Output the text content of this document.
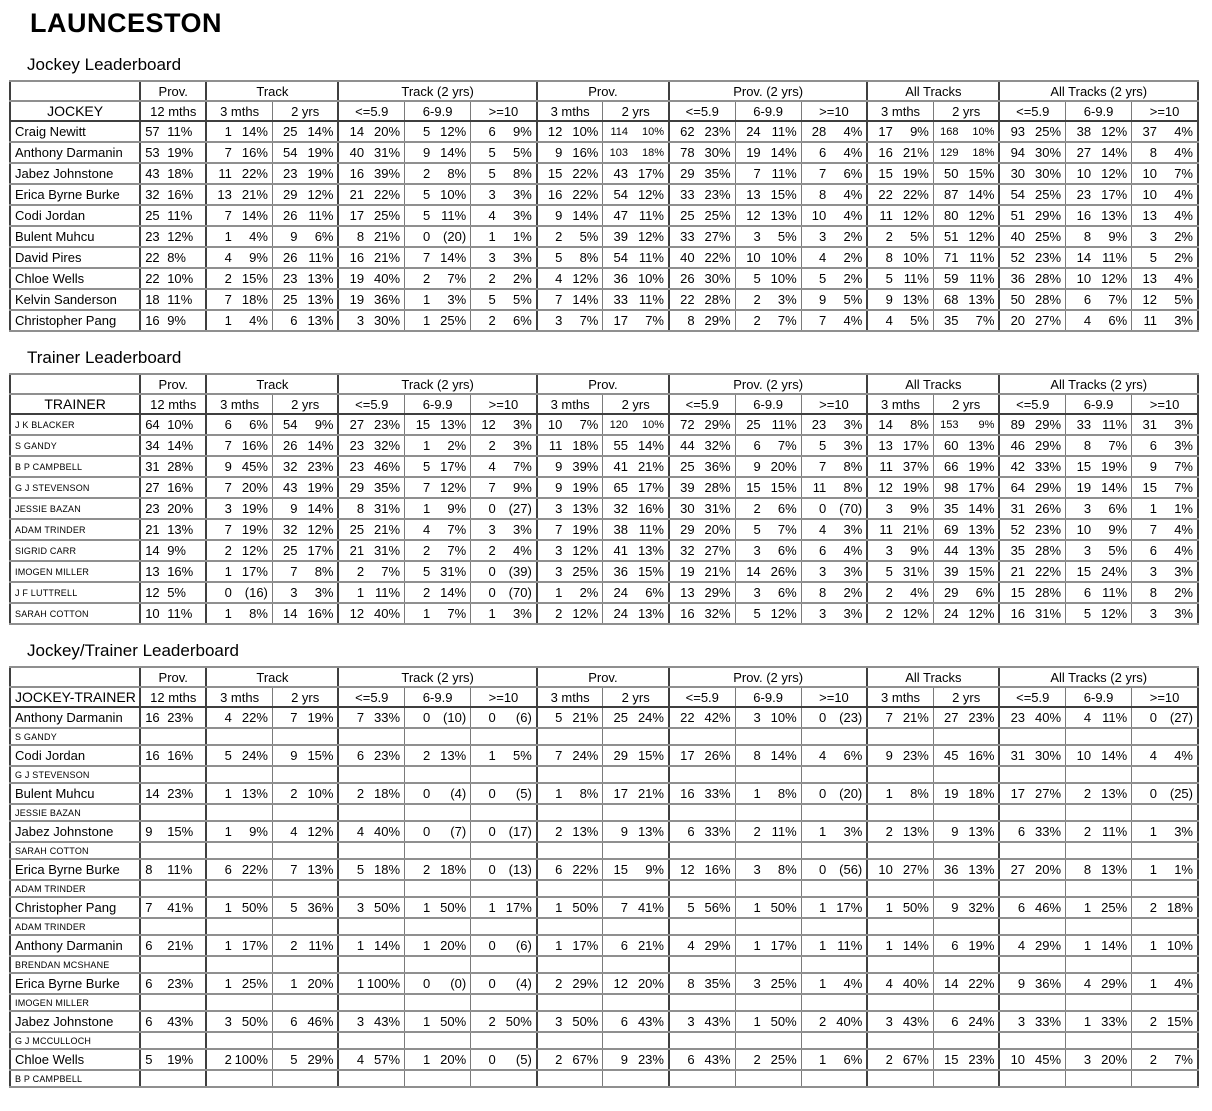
LAUNCESTON
Jockey Leaderboard
	Prov.	Track		Track (2 yrs)			Prov.		Prov. (2 yrs)			All Tracks		All Tracks (2 yrs)		
JOCKEY	12 mths	3 mths	2 yrs	<=5.9	6-9.9	>=10	3 mths	2 yrs	<=5.9	6-9.9	>=10	3 mths	2 yrs	<=5.9	6-9.9	>=10
Craig Newitt	57 11%	1 14%	25 14%	14 20%	5 12%	6 9%	12 10%	114 10%	62 23%	24 11%	28 4%	17 9%	168 10%	93 25%	38 12%	37 4%

Anthony Darmanin	53 19%	7 16%	54 19%	40 31%	9 14%	5 5%	9 16%	103 18%	78 30%	19 14%	6 4%	16 21%	129 18%	94 30%	27 14%	8 4%

Jabez Johnstone	43 18%	11 22%	23 19%	16 39%	2 8%	5 8%	15 22%	43 17%	29 35%	7 11%	7 6%	15 19%	50 15%	30 30%	10 12%	10 7%

Erica Byrne Burke	32 16%	13 21%	29 12%	21 22%	5 10%	3 3%	16 22%	54 12%	33 23%	13 15%	8 4%	22 22%	87 14%	54 25%	23 17%	10 4%

Codi Jordan	25 11%	7 14%	26 11%	17 25%	5 11%	4 3%	9 14%	47 11%	25 25%	12 13%	10 4%	11 12%	80 12%	51 29%	16 13%	13 4%

Bulent Muhcu	23 12%	1 4%	9 6%	8 21%	0 (20)	1 1%	2 5%	39 12%	33 27%	3 5%	3 2%	2 5%	51 12%	40 25%	8 9%	3 2%

David Pires	22 8%	4 9%	26 11%	16 21%	7 14%	3 3%	5 8%	54 11%	40 22%	10 10%	4 2%	8 10%	71 11%	52 23%	14 11%	5 2%

Chloe Wells	22 10%	2 15%	23 13%	19 40%	2 7%	2 2%	4 12%	36 10%	26 30%	5 10%	5 2%	5 11%	59 11%	36 28%	10 12%	13 4%

Kelvin Sanderson	18 11%	7 18%	25 13%	19 36%	1 3%	5 5%	7 14%	33 11%	22 28%	2 3%	9 5%	9 13%	68 13%	50 28%	6 7%	12 5%

Christopher Pang	16 9%	1 4%	6 13%	3 30%	1 25%	2 6%	3 7%	17 7%	8 29%	2 7%	7 4%	4 5%	35 7%	20 27%	4 6%	11 3%
Trainer Leaderboard
	Prov.	Track		Track (2 yrs)			Prov.		Prov. (2 yrs)			All Tracks		All Tracks (2 yrs)		
TRAINER	12 mths	3 mths	2 yrs	<=5.9	6-9.9	>=10	3 mths	2 yrs	<=5.9	6-9.9	>=10	3 mths	2 yrs	<=5.9	6-9.9	>=10
J K BLACKER	64 10%	6 6%	54 9%	27 23%	15 13%	12 3%	10 7%	120 10%	72 29%	25 11%	23 3%	14 8%	153 9%	89 29%	33 11%	31 3%

S GANDY	34 14%	7 16%	26 14%	23 32%	1 2%	2 3%	11 18%	55 14%	44 32%	6 7%	5 3%	13 17%	60 13%	46 29%	8 7%	6 3%

B P CAMPBELL	31 28%	9 45%	32 23%	23 46%	5 17%	4 7%	9 39%	41 21%	25 36%	9 20%	7 8%	11 37%	66 19%	42 33%	15 19%	9 7%

G J STEVENSON	27 16%	7 20%	43 19%	29 35%	7 12%	7 9%	9 19%	65 17%	39 28%	15 15%	11 8%	12 19%	98 17%	64 29%	19 14%	15 7%

JESSIE BAZAN	23 20%	3 19%	9 14%	8 31%	1 9%	0 (27)	3 13%	32 16%	30 31%	2 6%	0 (70)	3 9%	35 14%	31 26%	3 6%	1 1%

ADAM TRINDER	21 13%	7 19%	32 12%	25 21%	4 7%	3 3%	7 19%	38 11%	29 20%	5 7%	4 3%	11 21%	69 13%	52 23%	10 9%	7 4%

SIGRID CARR	14 9%	2 12%	25 17%	21 31%	2 7%	2 4%	3 12%	41 13%	32 27%	3 6%	6 4%	3 9%	44 13%	35 28%	3 5%	6 4%

IMOGEN MILLER	13 16%	1 17%	7 8%	2 7%	5 31%	0 (39)	3 25%	36 15%	19 21%	14 26%	3 3%	5 31%	39 15%	21 22%	15 24%	3 3%

J F LUTTRELL	12 5%	0 (16)	3 3%	1 11%	2 14%	0 (70)	1 2%	24 6%	13 29%	3 6%	8 2%	2 4%	29 6%	15 28%	6 11%	8 2%

SARAH COTTON	10 11%	1 8%	14 16%	12 40%	1 7%	1 3%	2 12%	24 13%	16 32%	5 12%	3 3%	2 12%	24 12%	16 31%	5 12%	3 3%
Jockey/Trainer Leaderboard
	Prov.	Track		Track (2 yrs)			Prov.		Prov. (2 yrs)			All Tracks		All Tracks (2 yrs)		
JOCKEY-TRAINER	12 mths	3 mths	2 yrs	<=5.9	6-9.9	>=10	3 mths	2 yrs	<=5.9	6-9.9	>=10	3 mths	2 yrs	<=5.9	6-9.9	>=10
Anthony Darmanin	16 23%	4 22%	7 19%	7 33%	0 (10)	0 (6)	5 21%	25 24%	22 42%	3 10%	0 (23)	7 21%	27 23%	23 40%	4 11%	0 (27)

S GANDY																
Codi Jordan	16 16%	5 24%	9 15%	6 23%	2 13%	1 5%	7 24%	29 15%	17 26%	8 14%	4 6%	9 23%	45 16%	31 30%	10 14%	4 4%

G J STEVENSON																
Bulent Muhcu	14 23%	1 13%	2 10%	2 18%	0 (4)	0 (5)	1 8%	17 21%	16 33%	1 8%	0 (20)	1 8%	19 18%	17 27%	2 13%	0 (25)

JESSIE BAZAN																
Jabez Johnstone	9 15%	1 9%	4 12%	4 40%	0 (7)	0 (17)	2 13%	9 13%	6 33%	2 11%	1 3%	2 13%	9 13%	6 33%	2 11%	1 3%

SARAH COTTON																
Erica Byrne Burke	8 11%	6 22%	7 13%	5 18%	2 18%	0 (13)	6 22%	15 9%	12 16%	3 8%	0 (56)	10 27%	36 13%	27 20%	8 13%	1 1%

ADAM TRINDER																
Christopher Pang	7 41%	1 50%	5 36%	3 50%	1 50%	1 17%	1 50%	7 41%	5 56%	1 50%	1 17%	1 50%	9 32%	6 46%	1 25%	2 18%

ADAM TRINDER																
Anthony Darmanin	6 21%	1 17%	2 11%	1 14%	1 20%	0 (6)	1 17%	6 21%	4 29%	1 17%	1 11%	1 14%	6 19%	4 29%	1 14%	1 10%

BRENDAN MCSHANE																
Erica Byrne Burke	6 23%	1 25%	1 20%	1 100%	0 (0)	0 (4)	2 29%	12 20%	8 35%	3 25%	1 4%	4 40%	14 22%	9 36%	4 29%	1 4%

IMOGEN MILLER																
Jabez Johnstone	6 43%	3 50%	6 46%	3 43%	1 50%	2 50%	3 50%	6 43%	3 43%	1 50%	2 40%	3 43%	6 24%	3 33%	1 33%	2 15%

G J MCCULLOCH																
Chloe Wells	5 19%	2 100%	5 29%	4 57%	1 20%	0 (5)	2 67%	9 23%	6 43%	2 25%	1 6%	2 67%	15 23%	10 45%	3 20%	2 7%

B P CAMPBELL																
